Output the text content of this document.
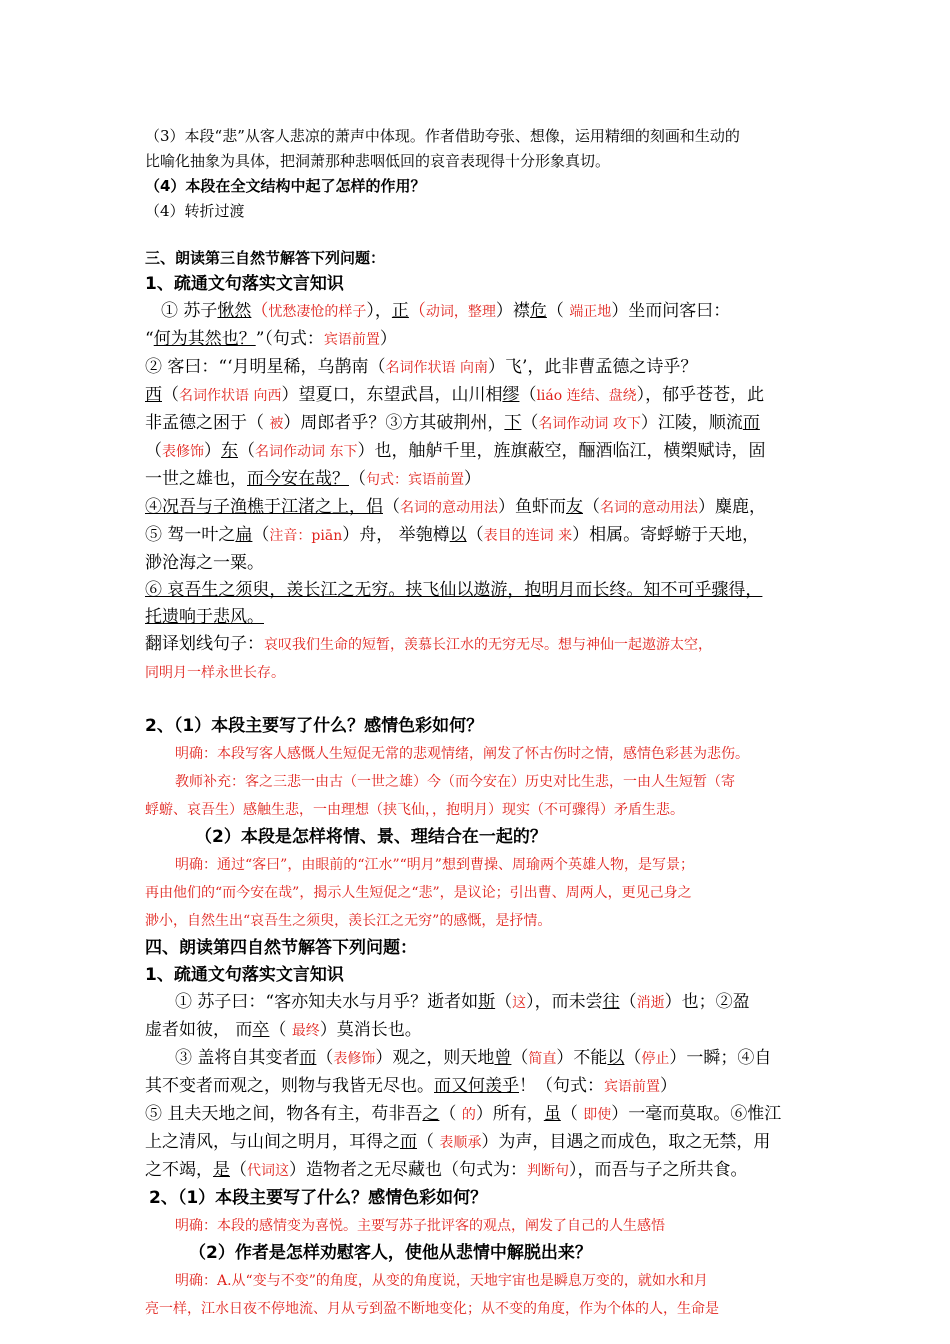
（3）本段“悲”从客人悲凉的萧声中体现。作者借助夸张、想像，运用精细的刻画和生动的
比喻化抽象为具体，把洞萧那种悲咽低回的哀音表现得十分形象真切。
（4）本段在全文结构中起了怎样的作用？
（4）转折过渡
三、朗读第三自然节解答下列问题：
1、疏通文句落实文言知识
① 苏子愀然（忧愁凄怆的样子），正（动词，整理）襟危（ 端正地）坐而问客曰：
“何为其然也？”（句式：宾语前置）
② 客曰：“‘月明星稀，乌鹊南（名词作状语 向南）飞’，此非曹孟德之诗乎？
西（名词作状语 向西）望夏口，东望武昌，山川相缪（liáo 连结、盘绕），郁乎苍苍，此
非孟德之困于（ 被）周郎者乎？③方其破荆州，下（名词作动词 攻下）江陵，顺流而
（表修饰）东（名词作动词 东下）也，舳舻千里，旌旗蔽空，酾酒临江，横槊赋诗，固
一世之雄也，而今安在哉？（句式：宾语前置）
④况吾与子渔樵于江渚之上，侣（名词的意动用法）鱼虾而友（名词的意动用法）麋鹿，
⑤ 驾一叶之扁（注音：piān）舟， 举匏樽以（表目的连词 来）相属。寄蜉蝣于天地，
渺沧海之一粟。
⑥ 哀吾生之须臾，羡长江之无穷。挟飞仙以遨游，抱明月而长终。知不可乎骤得，
托遗响于悲风。
翻译划线句子：哀叹我们生命的短暂，羡慕长江水的无穷无尽。想与神仙一起遨游太空，
同明月一样永世长存。
2、（1）本段主要写了什么？感情色彩如何？
明确：本段写客人感慨人生短促无常的悲观情绪，阐发了怀古伤时之情，感情色彩甚为悲伤。
教师补充：客之三悲一由古（一世之雄）今（而今安在）历史对比生悲，一由人生短暂（寄
蜉蝣、哀吾生）感触生悲，一由理想（挟飞仙，，抱明月）现实（不可骤得）矛盾生悲。
（2）本段是怎样将情、景、理结合在一起的？
明确：通过“客曰”，由眼前的“江水”“明月”想到曹操、周瑜两个英雄人物，是写景；
再由他们的“而今安在哉”，揭示人生短促之“悲”，是议论；引出曹、周两人，更见己身之
渺小，自然生出“哀吾生之须臾，羡长江之无穷”的感慨，是抒情。
四、朗读第四自然节解答下列问题：
1、疏通文句落实文言知识
① 苏子曰：“客亦知夫水与月乎？逝者如斯（这），而未尝往（消逝）也；②盈
虚者如彼， 而卒（ 最终）莫消长也。
③ 盖将自其变者而（表修饰）观之，则天地曾（简直）不能以（停止）一瞬；④自
其不变者而观之，则物与我皆无尽也。而又何羡乎！（句式：宾语前置）
⑤ 且夫天地之间，物各有主，苟非吾之（ 的）所有，虽（ 即使）一毫而莫取。⑥惟江
上之清风，与山间之明月，耳得之而（ 表顺承）为声，目遇之而成色，取之无禁，用
之不竭，是（代词这）造物者之无尽藏也（句式为：判断句），而吾与子之所共食。
2、（1）本段主要写了什么？感情色彩如何？
明确：本段的感情变为喜悦。主要写苏子批评客的观点，阐发了自己的人生感悟
（2）作者是怎样劝慰客人，使他从悲情中解脱出来？
明确：A.从“变与不变”的角度，从变的角度说，天地宇宙也是瞬息万变的，就如水和月
亮一样，江水日夜不停地流、月从亏到盈不断地变化；从不变的角度，作为个体的人，生命是
